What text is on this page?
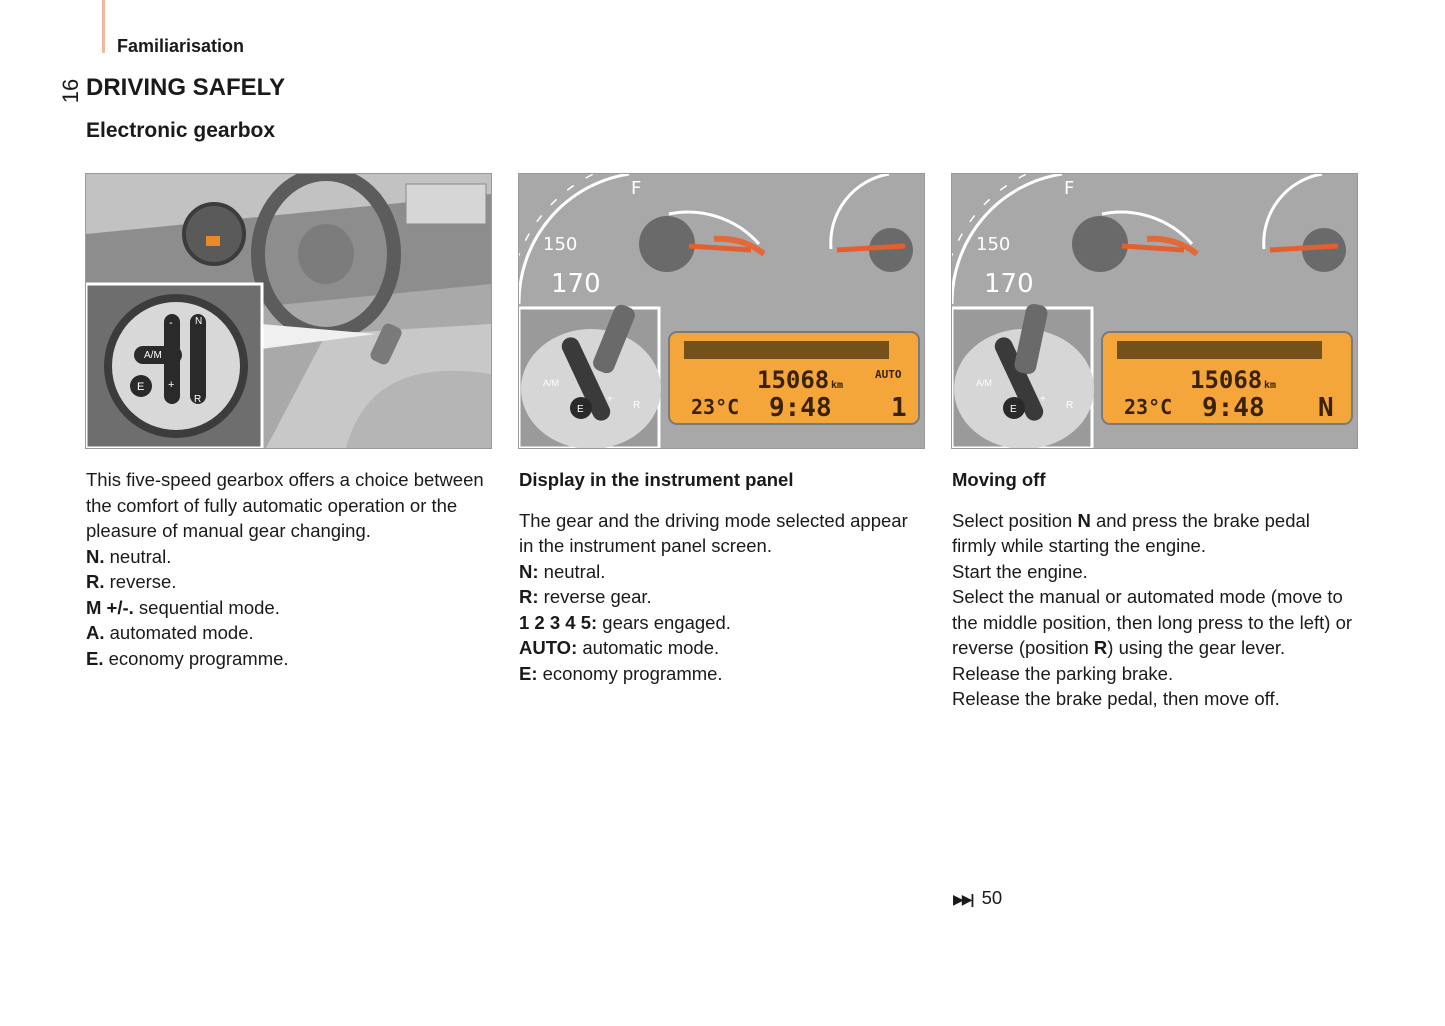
Familiarisation
16 DRIVING SAFELY
Electronic gearbox
A/M
N
E +
R
-

This five-speed gearbox offers a choice between the comfort of fully automatic operation or the pleasure of manual gear changing.

N. neutral.

R. reverse.

M +/-. sequential mode.

A. automated mode.

E. economy programme.

150
170
F
15068 km
AUTO
23°C 9:48 1
A/M
E
+
R

Display in the instrument panel

The gear and the driving mode selected appear in the instrument panel screen.

N: neutral.

R: reverse gear.

1 2 3 4 5: gears engaged.

AUTO: automatic mode.

E: economy programme.

150
170
F
15068 km
23°C 9:48 N
A/M
E
+
R

Moving off

Select position N and press the brake pedal firmly while starting the engine.

Start the engine.

Select the manual or automated mode (move to the middle position, then long press to the left) or reverse (position R) using the gear lever.

Release the parking brake.

Release the brake pedal, then move off.

▶▶| 50
